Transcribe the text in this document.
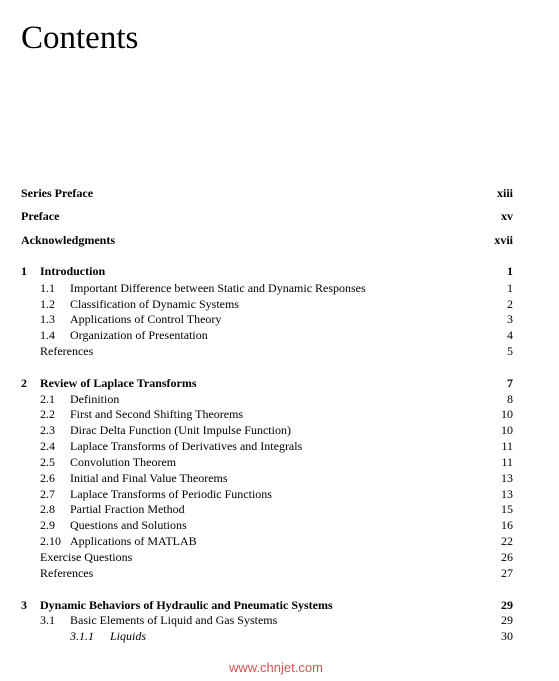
Contents
Series Preface	xiii
Preface	xv
Acknowledgments	xvii
1 Introduction	1
1.1 Important Difference between Static and Dynamic Responses	1
1.2 Classification of Dynamic Systems	2
1.3 Applications of Control Theory	3
1.4 Organization of Presentation	4
References	5
2 Review of Laplace Transforms	7
2.1 Definition	8
2.2 First and Second Shifting Theorems	10
2.3 Dirac Delta Function (Unit Impulse Function)	10
2.4 Laplace Transforms of Derivatives and Integrals	11
2.5 Convolution Theorem	11
2.6 Initial and Final Value Theorems	13
2.7 Laplace Transforms of Periodic Functions	13
2.8 Partial Fraction Method	15
2.9 Questions and Solutions	16
2.10 Applications of MATLAB	22
Exercise Questions	26
References	27
3 Dynamic Behaviors of Hydraulic and Pneumatic Systems	29
3.1 Basic Elements of Liquid and Gas Systems	29
3.1.1 Liquids	30
www.chnjet.com
